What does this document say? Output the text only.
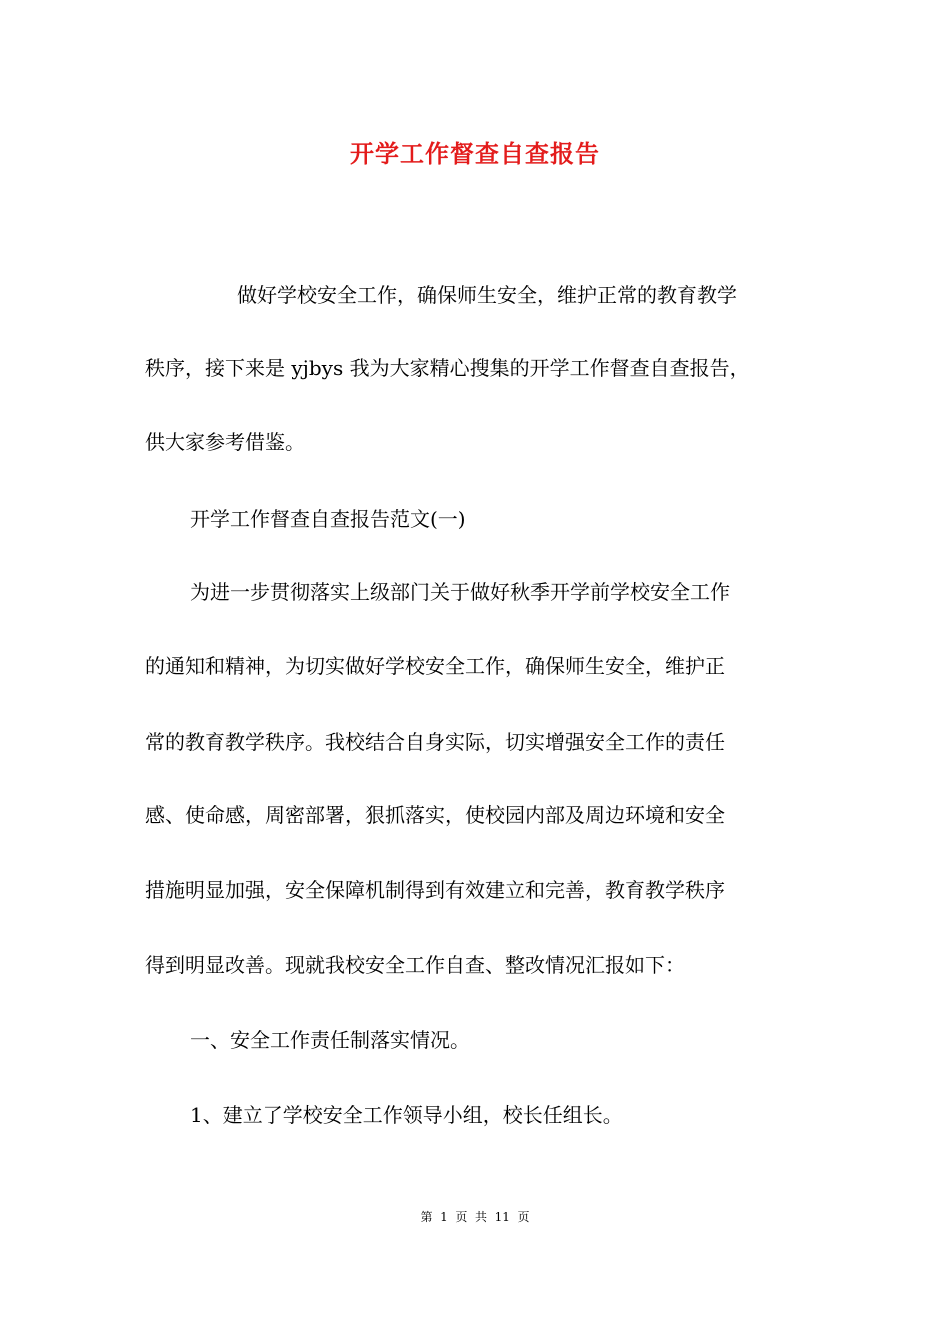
开学工作督查自查报告
做好学校安全工作，确保师生安全，维护正常的教育教学
秩序，接下来是 yjbys 我为大家精心搜集的开学工作督查自查报告，
供大家参考借鉴。
开学工作督查自查报告范文(一)
为进一步贯彻落实上级部门关于做好秋季开学前学校安全工作
的通知和精神，为切实做好学校安全工作，确保师生安全，维护正
常的教育教学秩序。我校结合自身实际，切实增强安全工作的责任
感、使命感，周密部署，狠抓落实，使校园内部及周边环境和安全
措施明显加强，安全保障机制得到有效建立和完善，教育教学秩序
得到明显改善。现就我校安全工作自查、整改情况汇报如下：
一、安全工作责任制落实情况。
1、建立了学校安全工作领导小组，校长任组长。
第  1  页  共  11  页
